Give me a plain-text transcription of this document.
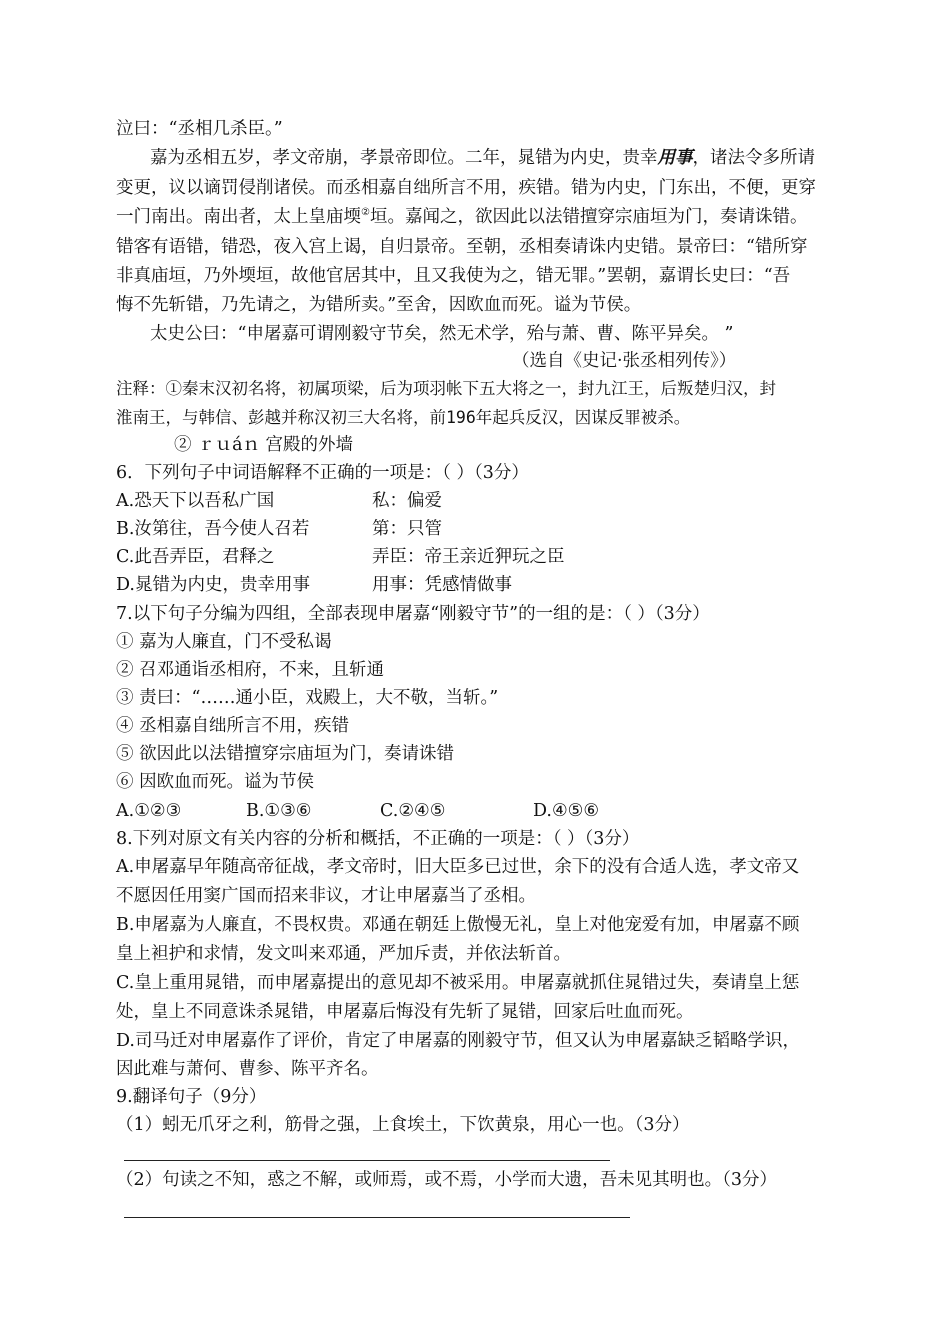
泣曰：“丞相几杀臣。”
嘉为丞相五岁，孝文帝崩，孝景帝即位。二年，晁错为内史，贵幸用事，诸法令多所请
变更，议以谪罚侵削诸侯。而丞相嘉自绌所言不用，疾错。错为内史，门东出，不便，更穿
一门南出。南出者，太上皇庙堧②垣。嘉闻之，欲因此以法错擅穿宗庙垣为门，奏请诛错。
错客有语错，错恐，夜入宫上谒，自归景帝。至朝，丞相奏请诛内史错。景帝曰：“错所穿
非真庙垣，乃外堧垣，故他官居其中，且又我使为之，错无罪。”罢朝，嘉谓长史曰：“吾
悔不先斩错，乃先请之，为错所卖。”至舍，因欧血而死。谥为节侯。
太史公曰：“申屠嘉可谓刚毅守节矣，然无术学，殆与萧、曹、陈平异矣。 ”
（选自《史记·张丞相列传》）
注释：①秦末汉初名将，初属项梁，后为项羽帐下五大将之一，封九江王，后叛楚归汉，封
淮南王，与韩信、彭越并称汉初三大名将，前196年起兵反汉，因谋反罪被杀。
② ｒｕáｎ 宫殿的外墙
6．下列句子中词语解释不正确的一项是：（ ）（3分）
A.恐天下以吾私广国	私：偏爱
B.汝第往，吾今使人召若	第：只管
C.此吾弄臣，君释之	弄臣：帝王亲近狎玩之臣
D.晁错为内史，贵幸用事	用事：凭感情做事
7.以下句子分编为四组，全部表现申屠嘉“刚毅守节”的一组的是：（ ）（3分）
① 嘉为人廉直，门不受私谒
② 召邓通诣丞相府，不来，且斩通
③ 责曰：“……通小臣，戏殿上，大不敬，当斩。”
④ 丞相嘉自绌所言不用，疾错
⑤ 欲因此以法错擅穿宗庙垣为门，奏请诛错
⑥ 因欧血而死。谥为节侯
A.①②③	B.①③⑥	C.②④⑤	D.④⑤⑥
8.下列对原文有关内容的分析和概括，不正确的一项是：（ ）（3分）
A.申屠嘉早年随高帝征战，孝文帝时，旧大臣多已过世，余下的没有合适人选，孝文帝又
不愿因任用窦广国而招来非议，才让申屠嘉当了丞相。
B.申屠嘉为人廉直，不畏权贵。邓通在朝廷上傲慢无礼，皇上对他宠爱有加，申屠嘉不顾
皇上袒护和求情，发文叫来邓通，严加斥责，并依法斩首。
C.皇上重用晁错，而申屠嘉提出的意见却不被采用。申屠嘉就抓住晁错过失，奏请皇上惩
处，皇上不同意诛杀晁错，申屠嘉后悔没有先斩了晁错，回家后吐血而死。
D.司马迁对申屠嘉作了评价，肯定了申屠嘉的刚毅守节，但又认为申屠嘉缺乏韬略学识，
因此难与萧何、曹参、陈平齐名。
9.翻译句子（9分）
（1）蚓无爪牙之利，筋骨之强，上食埃土，下饮黄泉，用心一也。（3分）
（2）句读之不知，惑之不解，或师焉，或不焉，小学而大遗，吾未见其明也。（3分）
